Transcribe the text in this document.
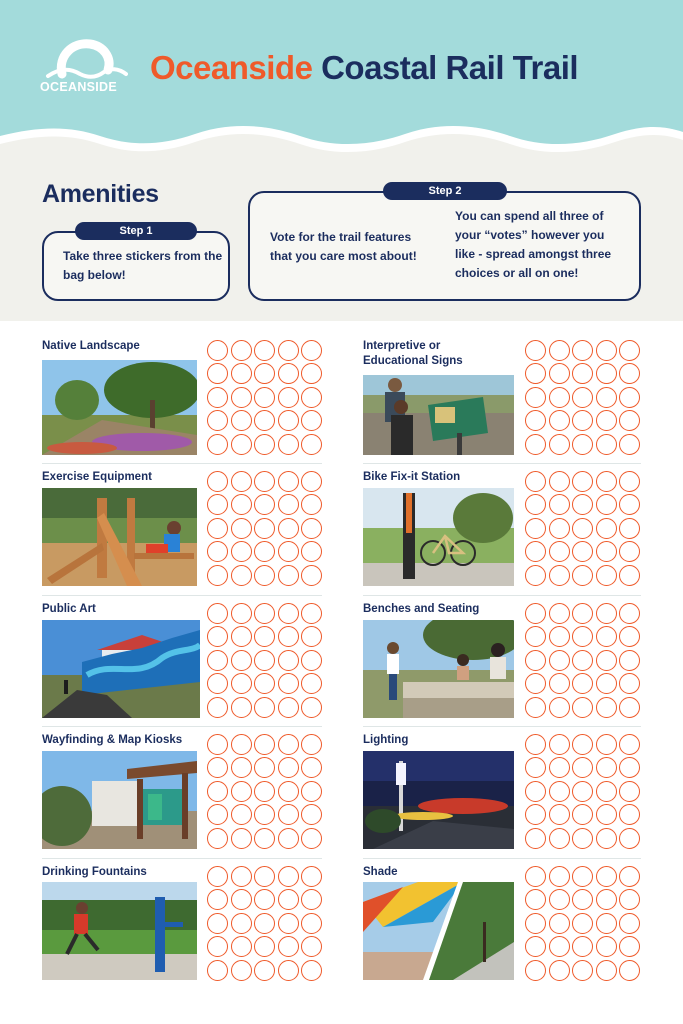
OCEANSIDE
Oceanside Coastal Rail Trail
Amenities
Step 1
Take three stickers from the bag below!
Step 2
Vote for the trail features that you care most about!
You can spend all three of your “votes” however you like - spread amongst three choices or all on one!
Native Landscape
Exercise Equipment
Public Art
Wayfinding & Map Kiosks
Drinking Fountains
Interpretive or Educational Signs
Bike Fix-it Station
Benches and Seating
Lighting
Shade
